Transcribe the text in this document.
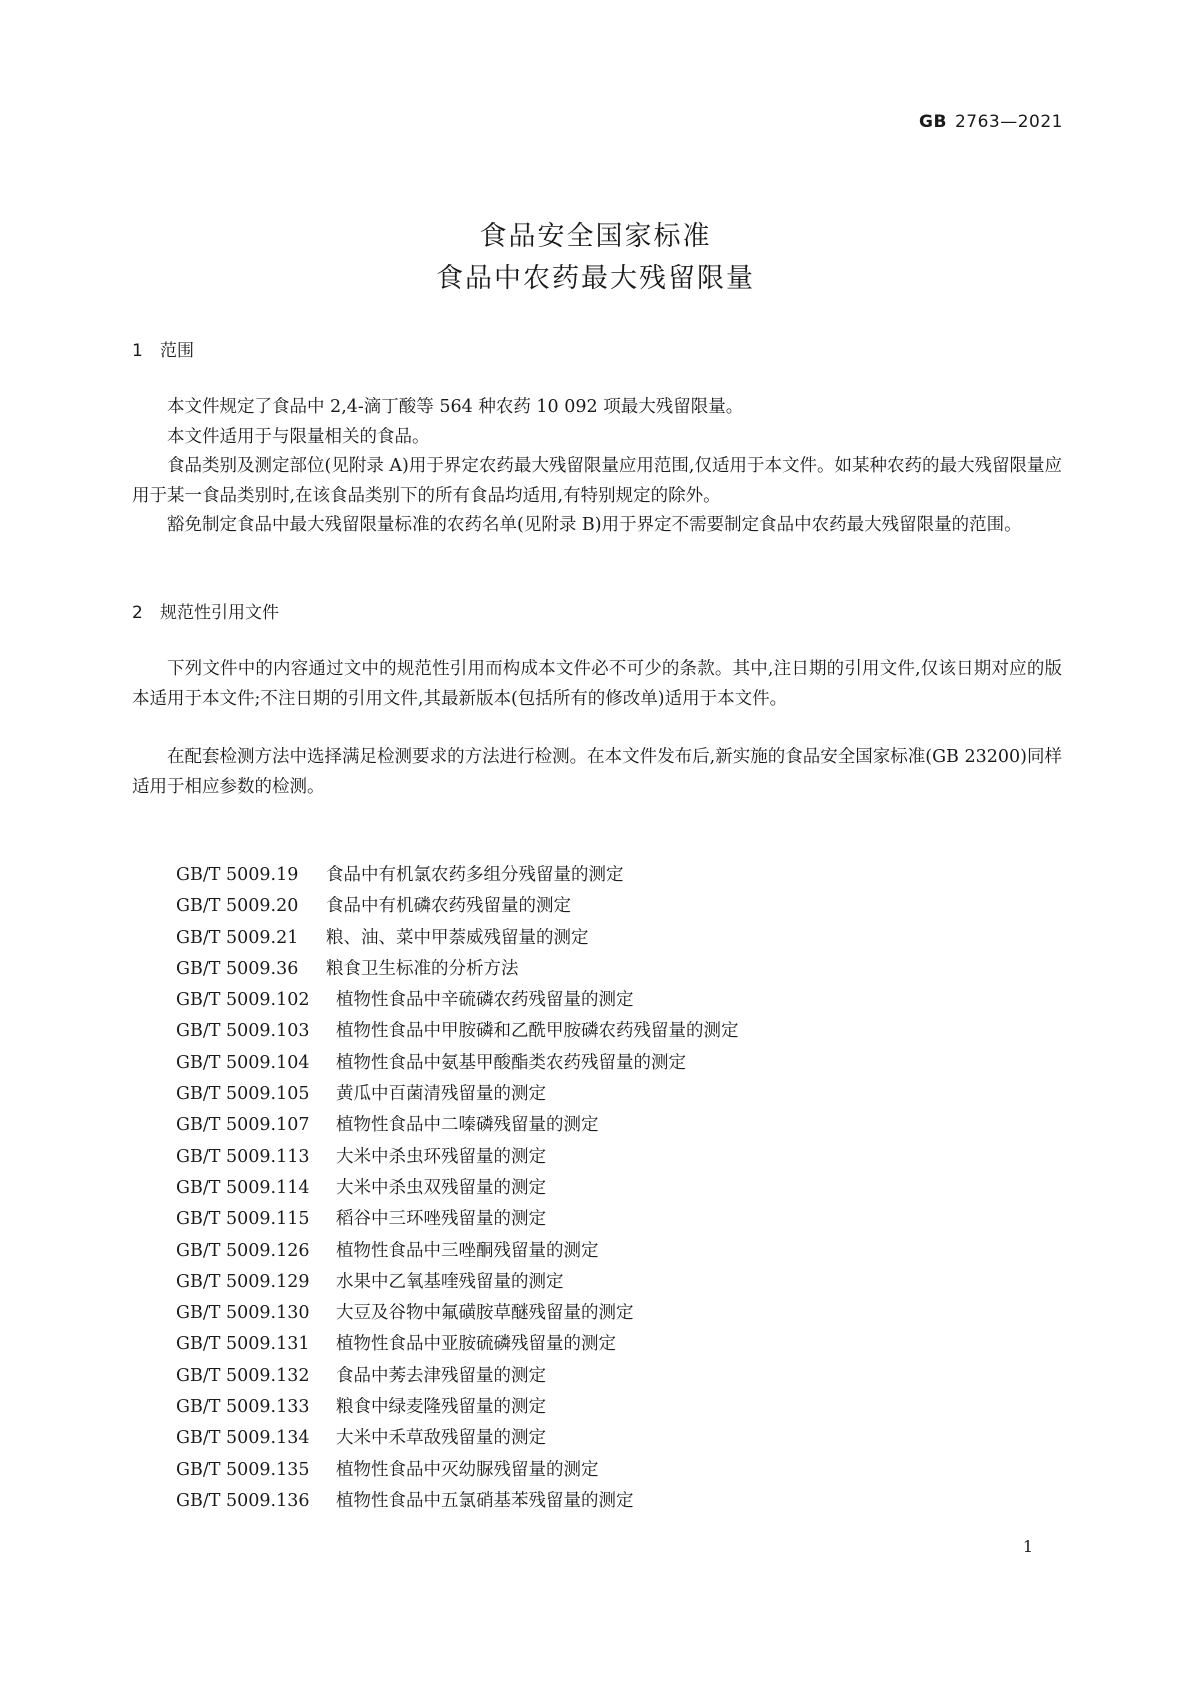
GB 2763—2021
食品安全国家标准
食品中农药最大残留限量
1 范围

本文件规定了食品中 2,4-滴丁酸等 564 种农药 10 092 项最大残留限量。

本文件适用于与限量相关的食品。

食品类别及测定部位(见附录 A)用于界定农药最大残留限量应用范围,仅适用于本文件。如某种农药的最大残留限量应用于某一食品类别时,在该食品类别下的所有食品均适用,有特别规定的除外。

豁免制定食品中最大残留限量标准的农药名单(见附录 B)用于界定不需要制定食品中农药最大残留限量的范围。

2 规范性引用文件

下列文件中的内容通过文中的规范性引用而构成本文件必不可少的条款。其中,注日期的引用文件,仅该日期对应的版本适用于本文件;不注日期的引用文件,其最新版本(包括所有的修改单)适用于本文件。

在配套检测方法中选择满足检测要求的方法进行检测。在本文件发布后,新实施的食品安全国家标准(GB 23200)同样适用于相应参数的检测。

GB/T 5009.19 食品中有机氯农药多组分残留量的测定
GB/T 5009.20 食品中有机磷农药残留量的测定
GB/T 5009.21 粮、油、菜中甲萘威残留量的测定
GB/T 5009.36 粮食卫生标准的分析方法
GB/T 5009.102 植物性食品中辛硫磷农药残留量的测定
GB/T 5009.103 植物性食品中甲胺磷和乙酰甲胺磷农药残留量的测定
GB/T 5009.104 植物性食品中氨基甲酸酯类农药残留量的测定
GB/T 5009.105 黄瓜中百菌清残留量的测定
GB/T 5009.107 植物性食品中二嗪磷残留量的测定
GB/T 5009.113 大米中杀虫环残留量的测定
GB/T 5009.114 大米中杀虫双残留量的测定
GB/T 5009.115 稻谷中三环唑残留量的测定
GB/T 5009.126 植物性食品中三唑酮残留量的测定
GB/T 5009.129 水果中乙氧基喹残留量的测定
GB/T 5009.130 大豆及谷物中氟磺胺草醚残留量的测定
GB/T 5009.131 植物性食品中亚胺硫磷残留量的测定
GB/T 5009.132 食品中莠去津残留量的测定
GB/T 5009.133 粮食中绿麦隆残留量的测定
GB/T 5009.134 大米中禾草敌残留量的测定
GB/T 5009.135 植物性食品中灭幼脲残留量的测定
GB/T 5009.136 植物性食品中五氯硝基苯残留量的测定
1
